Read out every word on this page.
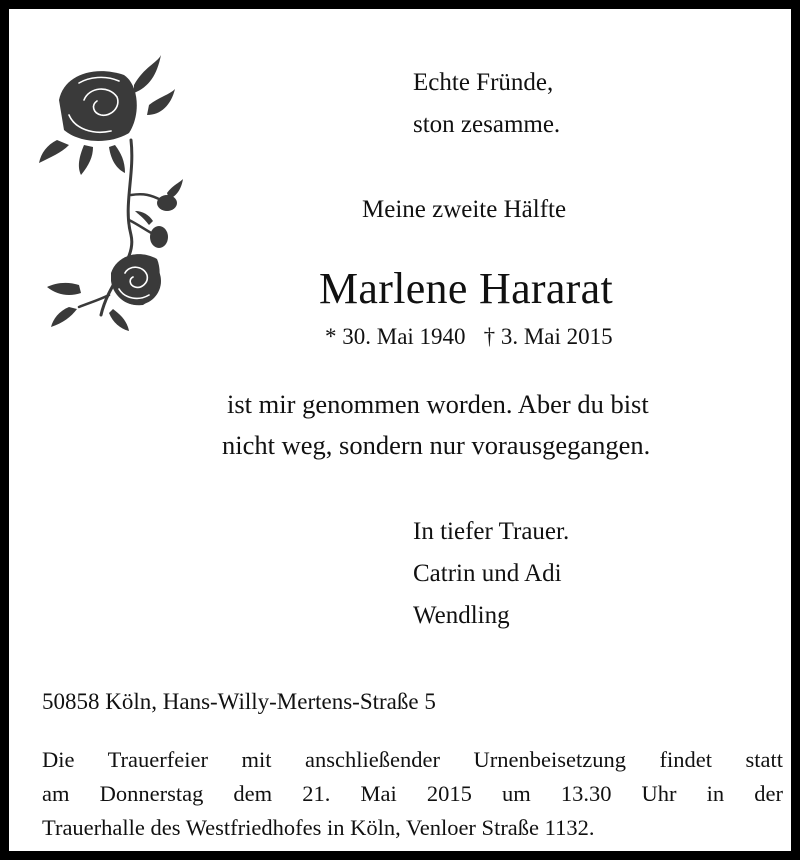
Echte Fründe,
ston zesamme.
Meine zweite Hälfte
Marlene Hararat
* 30. Mai 1940 † 3. Mai 2015
ist mir genommen worden. Aber du bist
nicht weg, sondern nur vorausgegangen.
In tiefer Trauer.
Catrin und Adi
Wendling
50858 Köln, Hans-Willy-Mertens-Straße 5
Die Trauerfeier mit anschließender Urnenbeisetzung findet statt
am Donnerstag dem 21. Mai 2015 um 13.30 Uhr in der
Trauerhalle des Westfriedhofes in Köln, Venloer Straße 1132.
